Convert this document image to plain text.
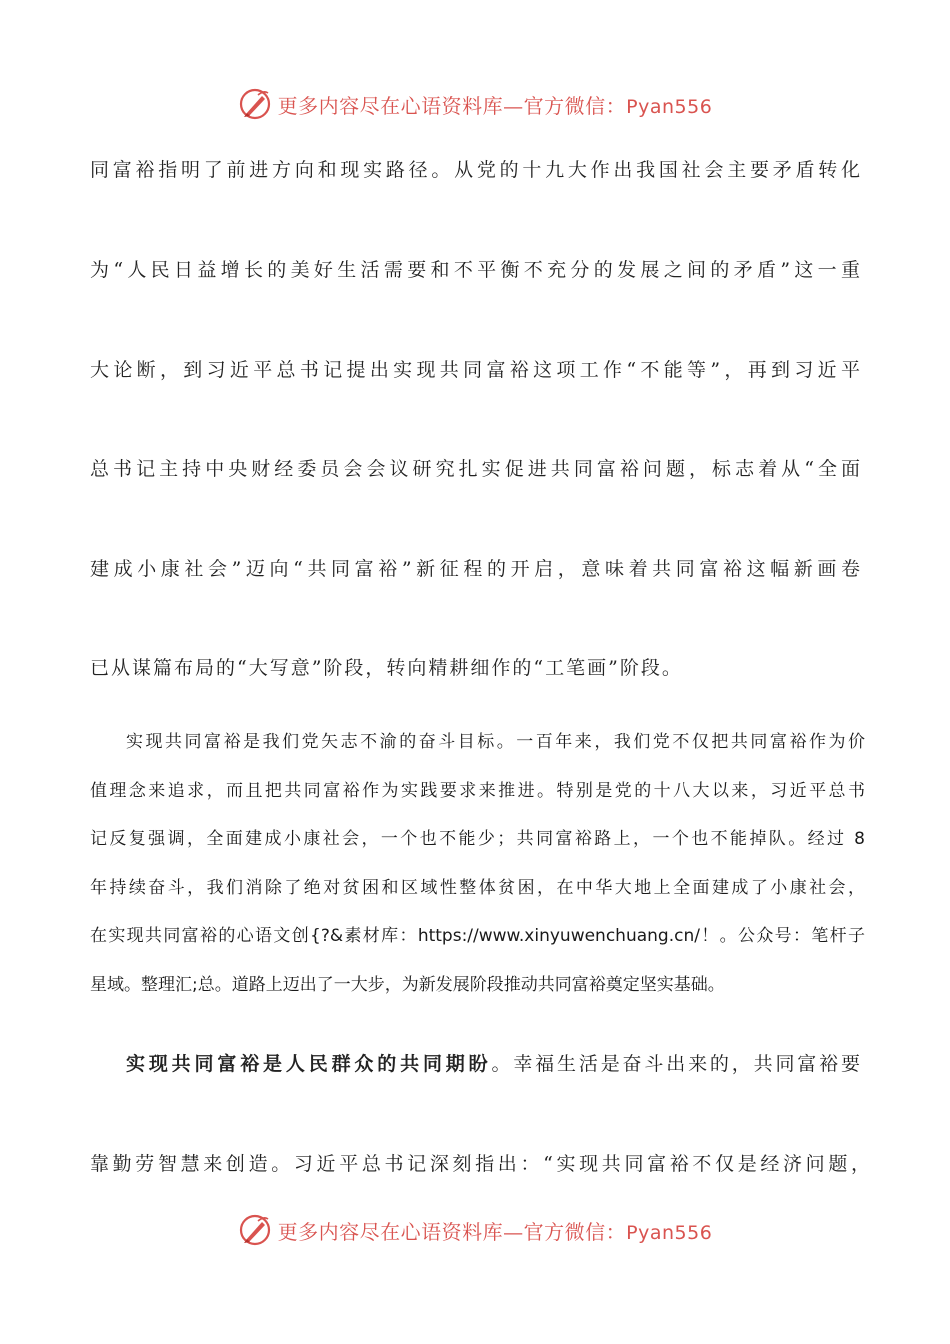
更多内容尽在心语资料库—官方微信：Pyan556
同富裕指明了前进方向和现实路径。从党的十九大作出我国社会主要矛盾转化
为“人民日益增长的美好生活需要和不平衡不充分的发展之间的矛盾”这一重
大论断，到习近平总书记提出实现共同富裕这项工作“不能等”，再到习近平
总书记主持中央财经委员会会议研究扎实促进共同富裕问题，标志着从“全面
建成小康社会”迈向“共同富裕”新征程的开启，意味着共同富裕这幅新画卷
已从谋篇布局的“大写意”阶段，转向精耕细作的“工笔画”阶段。
实现共同富裕是我们党矢志不渝的奋斗目标。一百年来，我们党不仅把共同富裕作为价
值理念来追求，而且把共同富裕作为实践要求来推进。特别是党的十八大以来，习近平总书
记反复强调，全面建成小康社会，一个也不能少；共同富裕路上，一个也不能掉队。经过 8
年持续奋斗，我们消除了绝对贫困和区域性整体贫困，在中华大地上全面建成了小康社会，
在实现共同富裕的心语文创{?&素材库：https://www.xinyuwenchuang.cn/！。公众号：笔杆子
星域。整理汇;总。道路上迈出了一大步，为新发展阶段推动共同富裕奠定坚实基础。
实现共同富裕是人民群众的共同期盼。幸福生活是奋斗出来的，共同富裕要
靠勤劳智慧来创造。习近平总书记深刻指出：“实现共同富裕不仅是经济问题，
更多内容尽在心语资料库—官方微信：Pyan556
